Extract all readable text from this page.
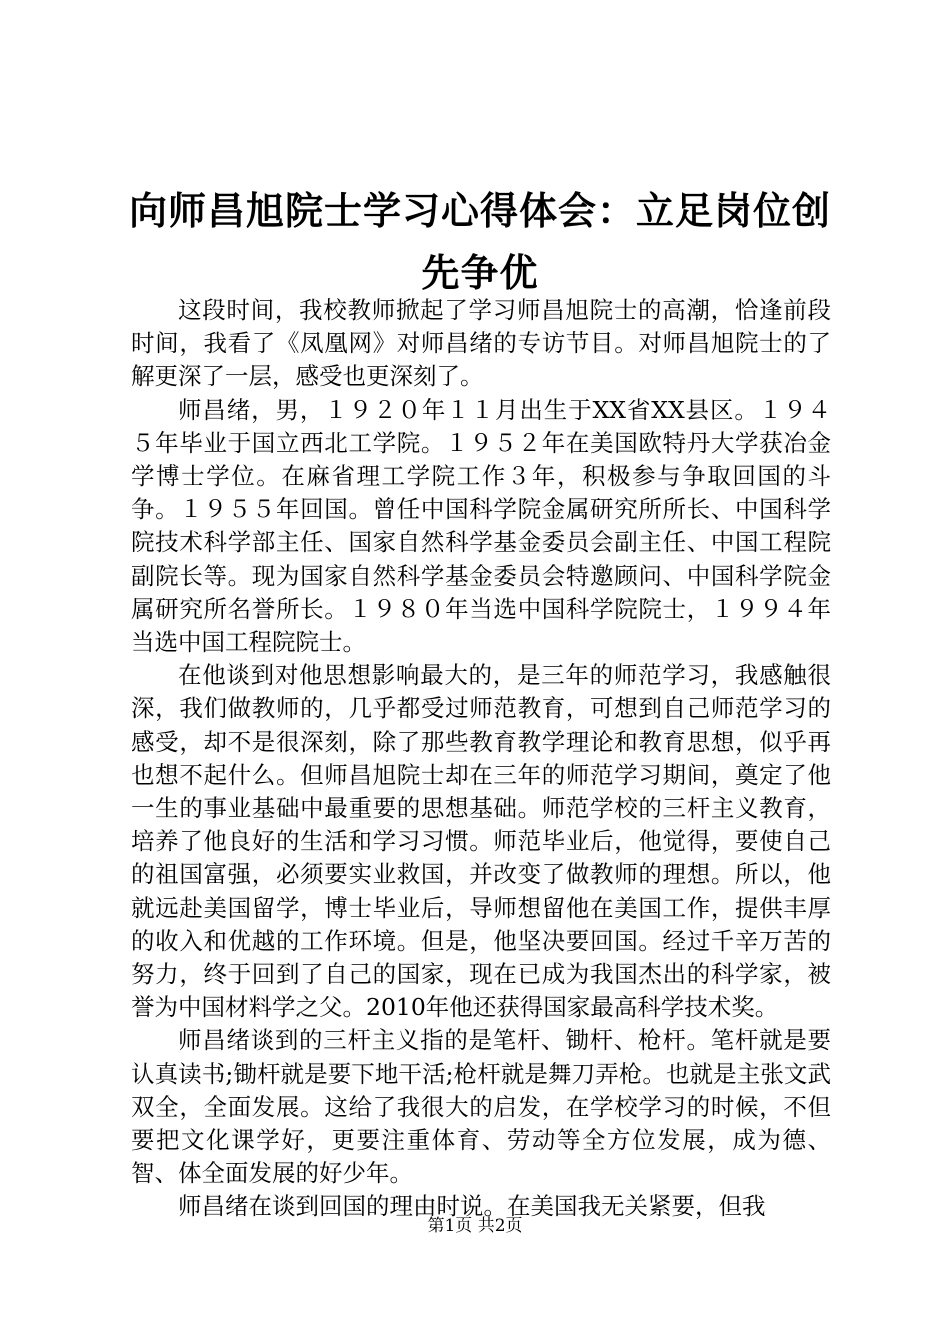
向师昌旭院士学习心得体会：立足岗位创先争优

这段时间，我校教师掀起了学习师昌旭院士的高潮，恰逢前段时间，我看了《凤凰网》对师昌绪的专访节目。对师昌旭院士的了解更深了一层，感受也更深刻了。

师昌绪，男，１９２０年１１月出生于XX省XX县区。１９４５年毕业于国立西北工学院。１９５２年在美国欧特丹大学获冶金学博士学位。在麻省理工学院工作３年，积极参与争取回国的斗争。１９５５年回国。曾任中国科学院金属研究所所长、中国科学院技术科学部主任、国家自然科学基金委员会副主任、中国工程院副院长等。现为国家自然科学基金委员会特邀顾问、中国科学院金属研究所名誉所长。１９８０年当选中国科学院院士，１９９４年当选中国工程院院士。

在他谈到对他思想影响最大的，是三年的师范学习，我感触很深，我们做教师的，几乎都受过师范教育，可想到自己师范学习的感受，却不是很深刻，除了那些教育教学理论和教育思想，似乎再也想不起什么。但师昌旭院士却在三年的师范学习期间，奠定了他一生的事业基础中最重要的思想基础。师范学校的三杆主义教育，培养了他良好的生活和学习习惯。师范毕业后，他觉得，要使自己的祖国富强，必须要实业救国，并改变了做教师的理想。所以，他就远赴美国留学，博士毕业后，导师想留他在美国工作，提供丰厚的收入和优越的工作环境。但是，他坚决要回国。经过千辛万苦的努力，终于回到了自己的国家，现在已成为我国杰出的科学家，被誉为中国材料学之父。2010年他还获得国家最高科学技术奖。

师昌绪谈到的三杆主义指的是笔杆、锄杆、枪杆。笔杆就是要认真读书;锄杆就是要下地干活;枪杆就是舞刀弄枪。也就是主张文武双全，全面发展。这给了我很大的启发，在学校学习的时候，不但要把文化课学好，更要注重体育、劳动等全方位发展，成为德、智、体全面发展的好少年。

师昌绪在谈到回国的理由时说。在美国我无关紧要，但我

第1页 共2页
